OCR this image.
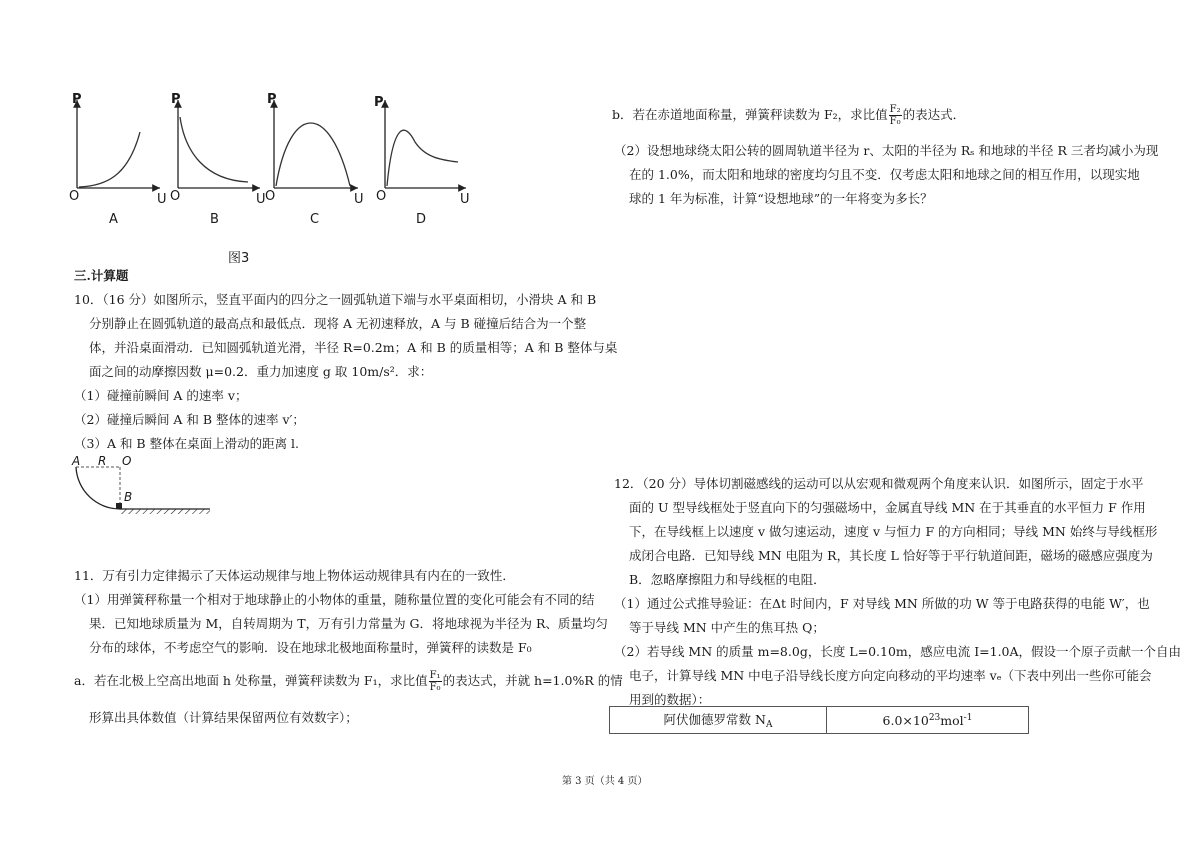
P
O	U
P
O	U
P
O	U
P
O	U
A	B	C	D
图3
三.计算题
10．（16 分）如图所示，竖直平面内的四分之一圆弧轨道下端与水平桌面相切，小滑块 A 和 B
分别静止在圆弧轨道的最高点和最低点．现将 A 无初速释放，A 与 B 碰撞后结合为一个整
体，并沿桌面滑动．已知圆弧轨道光滑，半径 R=0.2m；A 和 B 的质量相等；A 和 B 整体与桌
面之间的动摩擦因数 μ=0.2．重力加速度 g 取 10m/s²．求：
（1）碰撞前瞬间 A 的速率 v；
（2）碰撞后瞬间 A 和 B 整体的速率 v′；
（3）A 和 B 整体在桌面上滑动的距离 l.
A R O
B
11．万有引力定律揭示了天体运动规律与地上物体运动规律具有内在的一致性．
（1）用弹簧秤称量一个相对于地球静止的小物体的重量，随称量位置的变化可能会有不同的结
果．已知地球质量为 M，自转周期为 T，万有引力常量为 G．将地球视为半径为 R、质量均匀
分布的球体，不考虑空气的影响．设在地球北极地面称量时，弹簧秤的读数是 F₀
a．若在北极上空高出地面 h 处称量，弹簧秤读数为 F₁，求比值 $\frac{\text{F₁}}{\text{F₀}}$ 的表达式，并就 h=1.0%R 的情
形算出具体数值（计算结果保留两位有效数字）；
b．若在赤道地面称量，弹簧秤读数为 F₂，求比值 $\frac{\text{F₂}}{\text{F₀}}$ 的表达式．
（2）设想地球绕太阳公转的圆周轨道半径为 r、太阳的半径为 Rₛ 和地球的半径 R 三者均减小为现
在的 1.0%，而太阳和地球的密度均匀且不变．仅考虑太阳和地球之间的相互作用，以现实地
球的 1 年为标准，计算“设想地球”的一年将变为多长？
12．（20 分）导体切割磁感线的运动可以从宏观和微观两个角度来认识．如图所示，固定于水平
面的 U 型导线框处于竖直向下的匀强磁场中，金属直导线 MN 在于其垂直的水平恒力 F 作用
下，在导线框上以速度 v 做匀速运动，速度 v 与恒力 F 的方向相同；导线 MN 始终与导线框形
成闭合电路．已知导线 MN 电阻为 R，其长度 L 恰好等于平行轨道间距，磁场的磁感应强度为
B．忽略摩擦阻力和导线框的电阻．
（1）通过公式推导验证：在Δt 时间内，F 对导线 MN 所做的功 W 等于电路获得的电能 W′，也
等于导线 MN 中产生的焦耳热 Q；
（2）若导线 MN 的质量 m=8.0g，长度 L=0.10m，感应电流 I=1.0A，假设一个原子贡献一个自由
电子，计算导线 MN 中电子沿导线长度方向定向移动的平均速率 vₑ（下表中列出一些你可能会
用到的数据）：
阿伏伽德罗常数 $N_A$	$6.0\times 10^{23}mol^{-1}$
第 3 页（共 4 页）
